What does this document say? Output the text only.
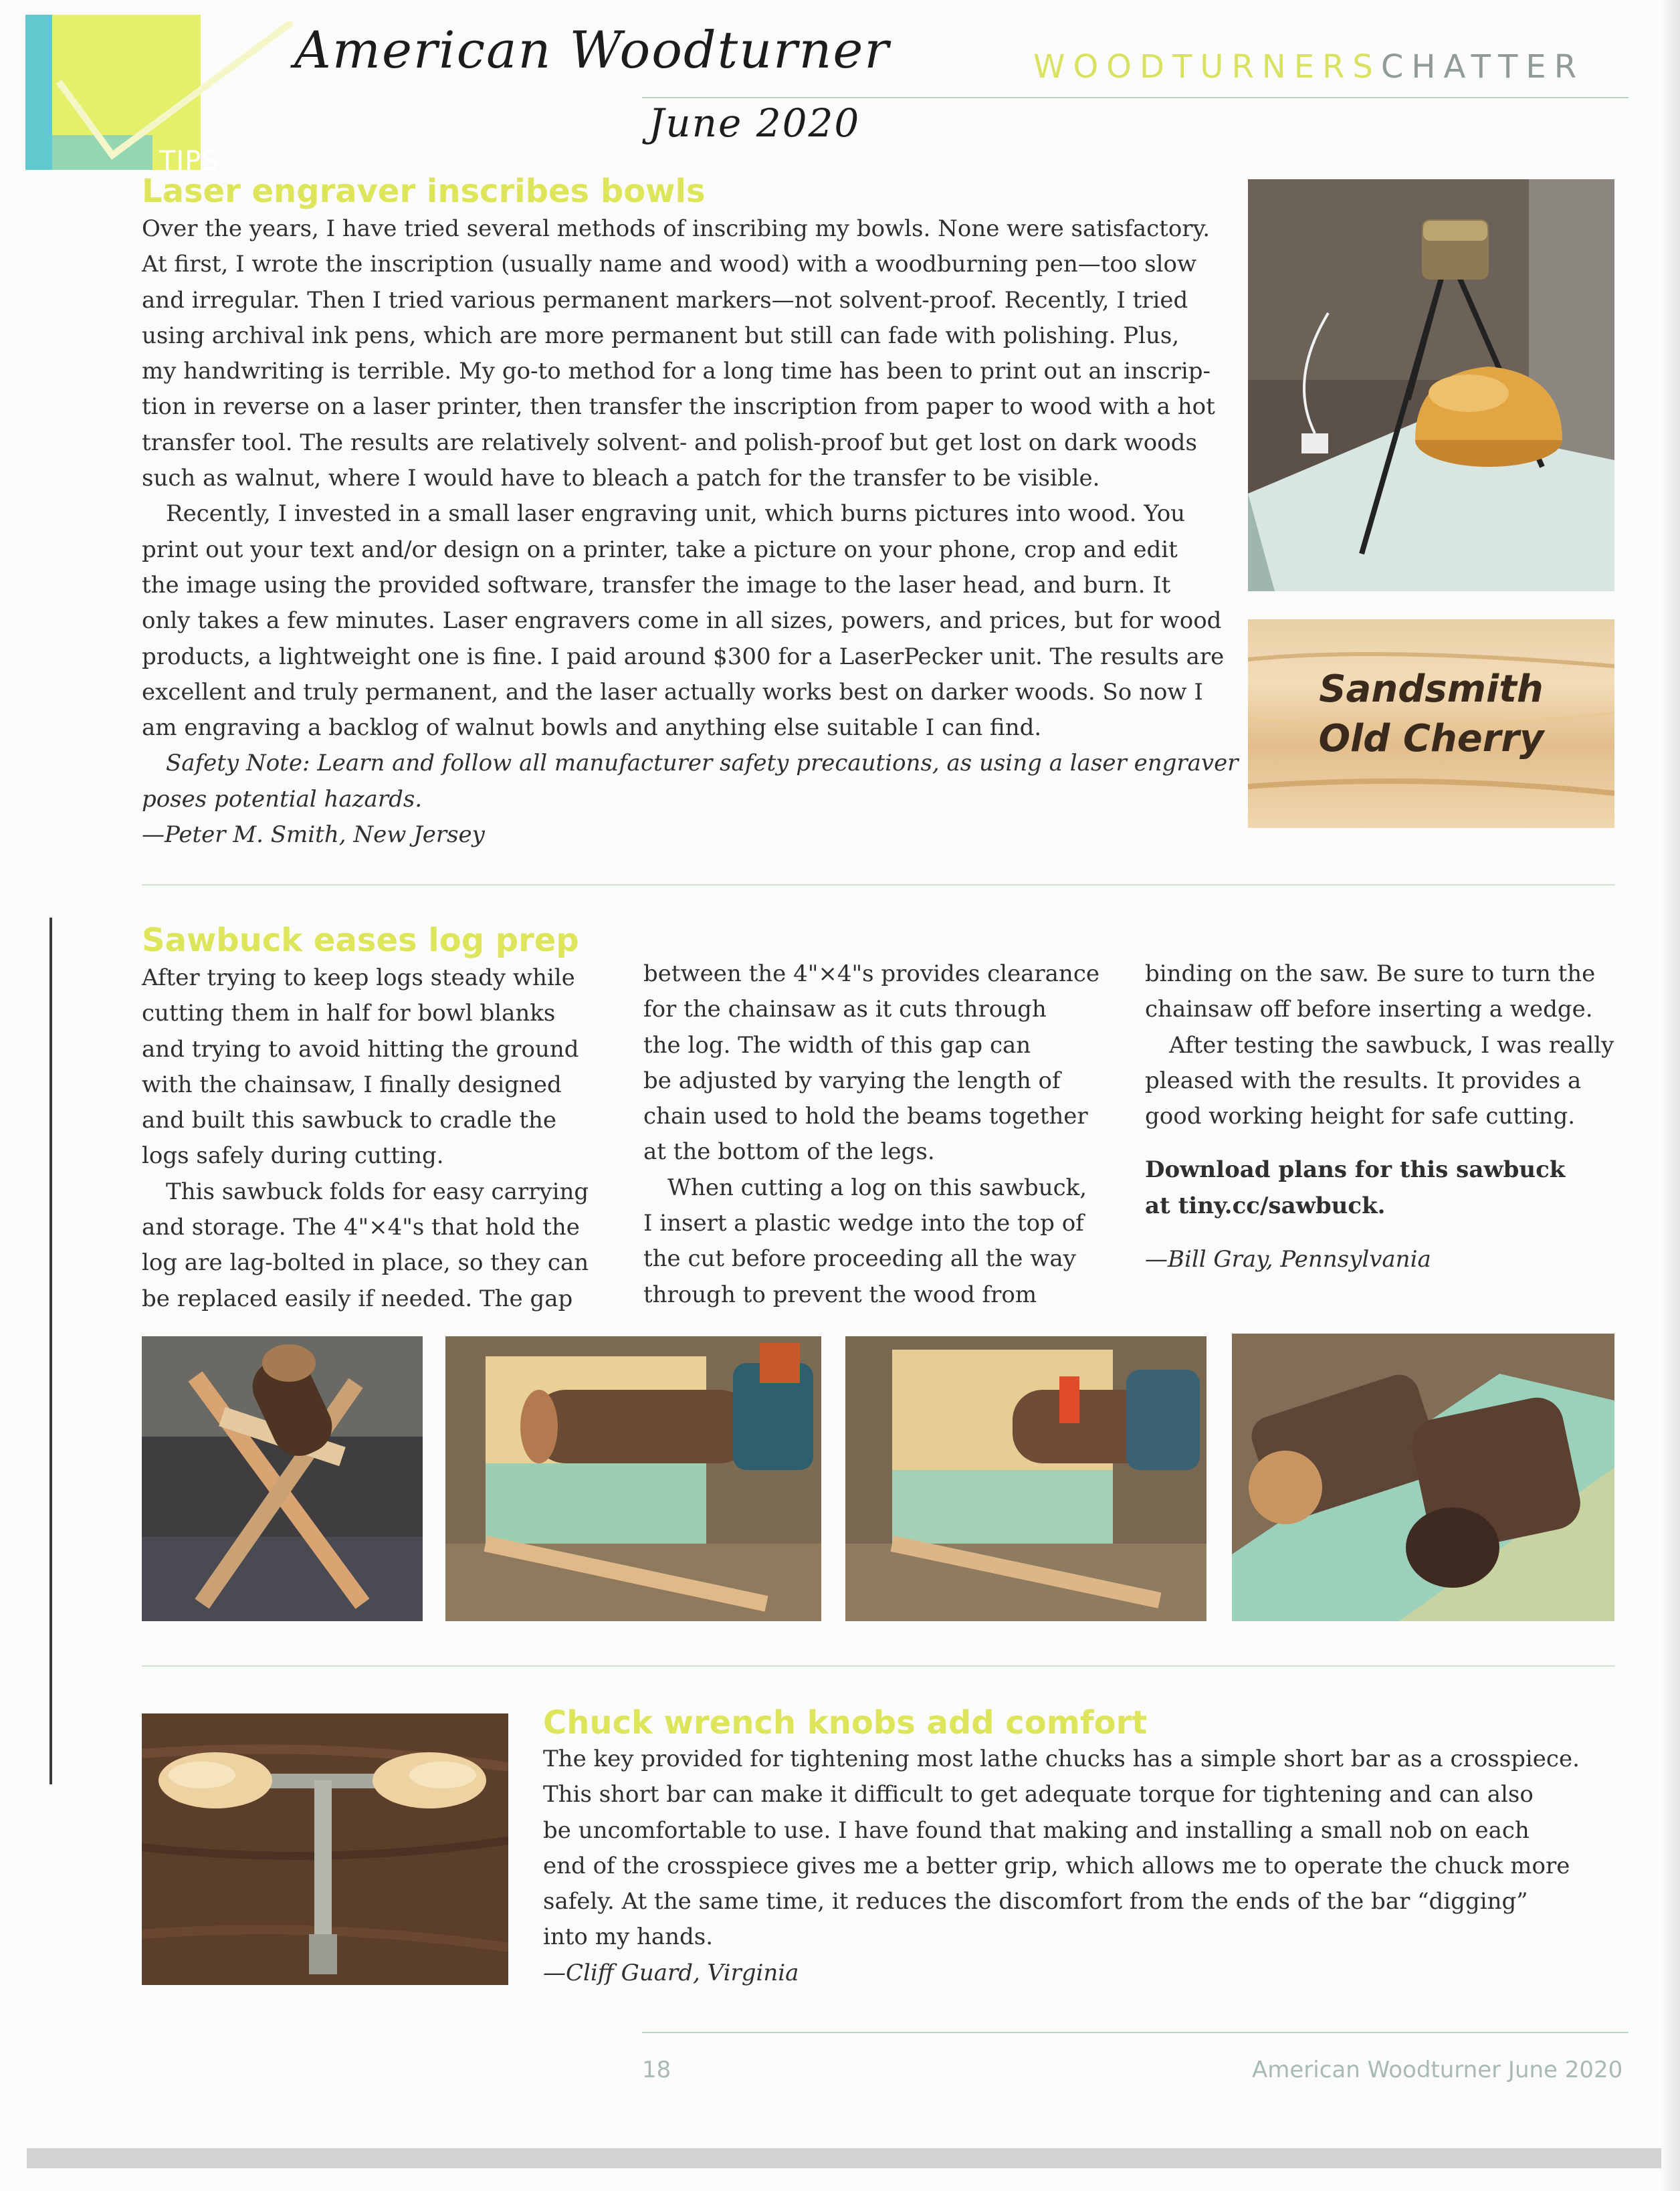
TIPS
American Woodturner
June 2020
WOODTURNERSCHATTER
Laser engraver inscribes bowls
Over the years, I have tried several methods of inscribing my bowls. None were satisfactory.
At first, I wrote the inscription (usually name and wood) with a woodburning pen—too slow
and irregular. Then I tried various permanent markers—not solvent-proof. Recently, I tried
using archival ink pens, which are more permanent but still can fade with polishing. Plus,
my handwriting is terrible. My go-to method for a long time has been to print out an inscrip-
tion in reverse on a laser printer, then transfer the inscription from paper to wood with a hot
transfer tool. The results are relatively solvent- and polish-proof but get lost on dark woods
such as walnut, where I would have to bleach a patch for the transfer to be visible.
Recently, I invested in a small laser engraving unit, which burns pictures into wood. You
print out your text and/or design on a printer, take a picture on your phone, crop and edit
the image using the provided software, transfer the image to the laser head, and burn. It
only takes a few minutes. Laser engravers come in all sizes, powers, and prices, but for wood
products, a lightweight one is fine. I paid around $300 for a LaserPecker unit. The results are
excellent and truly permanent, and the laser actually works best on darker woods. So now I
am engraving a backlog of walnut bowls and anything else suitable I can find.
Safety Note: Learn and follow all manufacturer safety precautions, as using a laser engraver
poses potential hazards.
—Peter M. Smith, New Jersey
Sandsmith
Old Cherry
Sawbuck eases log prep
After trying to keep logs steady while
cutting them in half for bowl blanks
and trying to avoid hitting the ground
with the chainsaw, I finally designed
and built this sawbuck to cradle the
logs safely during cutting.
This sawbuck folds for easy carrying
and storage. The 4"×4"s that hold the
log are lag-bolted in place, so they can
be replaced easily if needed. The gap
between the 4"×4"s provides clearance
for the chainsaw as it cuts through
the log. The width of this gap can
be adjusted by varying the length of
chain used to hold the beams together
at the bottom of the legs.
When cutting a log on this sawbuck,
I insert a plastic wedge into the top of
the cut before proceeding all the way
through to prevent the wood from
binding on the saw. Be sure to turn the
chainsaw off before inserting a wedge.
After testing the sawbuck, I was really
pleased with the results. It provides a
good working height for safe cutting.
Download plans for this sawbuck
at tiny.cc/sawbuck.
—Bill Gray, Pennsylvania
Chuck wrench knobs add comfort
The key provided for tightening most lathe chucks has a simple short bar as a crosspiece.
This short bar can make it difficult to get adequate torque for tightening and can also
be uncomfortable to use. I have found that making and installing a small nob on each
end of the crosspiece gives me a better grip, which allows me to operate the chuck more
safely. At the same time, it reduces the discomfort from the ends of the bar “digging”
into my hands.
—Cliff Guard, Virginia
18	American Woodturner June 2020
